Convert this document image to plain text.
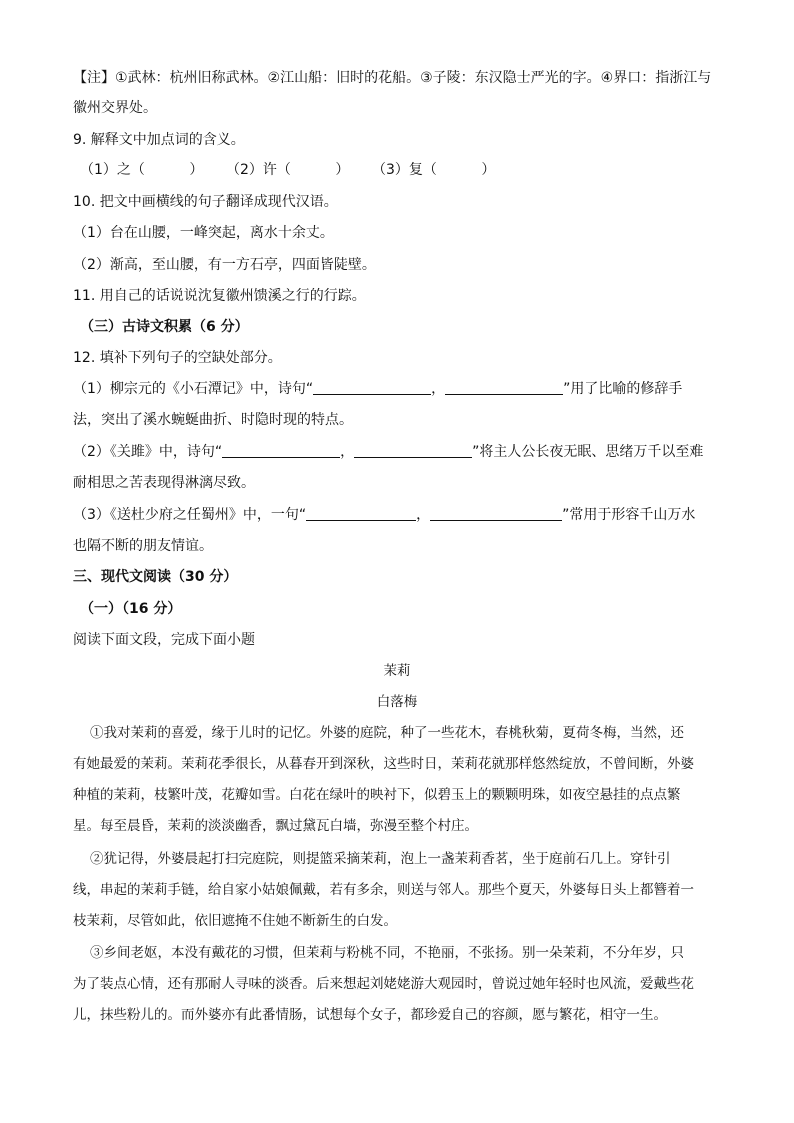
【注】①武林：杭州旧称武林。②江山船：旧时的花船。③子陵：东汉隐士严光的字。④界口：指浙江与
徽州交界处。
9. 解释文中加点词的含义。
（1）之（          ） （2）许（          ） （3）复（          ）
10. 把文中画横线的句子翻译成现代汉语。
（1）台在山腰，一峰突起，离水十余丈。
（2）渐高，至山腰，有一方石亭，四面皆陡壁。
11. 用自己的话说说沈复徽州馈溪之行的行踪。
（三）古诗文积累（6 分）
12. 填补下列句子的空缺处部分。
（1）柳宗元的《小石潭记》中，诗句“	，	”用了比喻的修辞手
法，突出了溪水蜿蜒曲折、时隐时现的特点。
（2）《关雎》中，诗句“	，	”将主人公长夜无眠、思绪万千以至难
耐相思之苦表现得淋漓尽致。
（3）《送杜少府之任蜀州》中，一句“	，	”常用于形容千山万水
也隔不断的朋友情谊。
三、现代文阅读（30 分）
（一）（16 分）
阅读下面文段，完成下面小题
茉莉
白落梅
①我对茉莉的喜爱，缘于儿时的记忆。外婆的庭院，种了一些花木，春桃秋菊，夏荷冬梅，当然，还
有她最爱的茉莉。茉莉花季很长，从暮春开到深秋，这些时日，茉莉花就那样悠然绽放，不曾间断，外婆
种植的茉莉，枝繁叶茂，花瓣如雪。白花在绿叶的映衬下，似碧玉上的颗颗明珠，如夜空悬挂的点点繁
星。每至晨昏，茉莉的淡淡幽香，飘过黛瓦白墙，弥漫至整个村庄。
②犹记得，外婆晨起打扫完庭院，则提篮采摘茉莉，泡上一盏茉莉香茗，坐于庭前石几上。穿针引
线，串起的茉莉手链，给自家小姑娘佩戴，若有多余，则送与邻人。那些个夏天，外婆每日头上都簪着一
枝茉莉，尽管如此，依旧遮掩不住她不断新生的白发。
③乡间老妪，本没有戴花的习惯，但茉莉与粉桃不同，不艳丽，不张扬。别一朵茉莉，不分年岁，只
为了装点心情，还有那耐人寻味的淡香。后来想起刘姥姥游大观园时，曾说过她年轻时也风流，爱戴些花
儿，抹些粉儿的。而外婆亦有此番情肠，试想每个女子，都珍爱自己的容颜，愿与繁花，相守一生。
